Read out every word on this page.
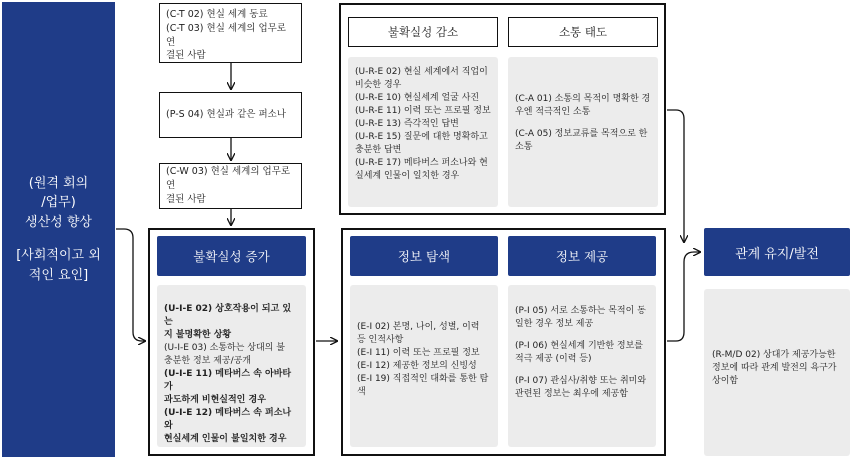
(원격 회의
/업무)
생산성 향상
[사회적이고 외
적인 요인]
(C-T 02) 현실 세계 동료
(C-T 03) 현실 세계의 업무로 연
결된 사람
(P-S 04) 현실과 같은 퍼소나
(C-W 03) 현실 세계의 업무로 연
결된 사람
불확실성 감소	소통 태도
(U-R-E 02) 현실 세계에서 직업이
비슷한 경우
(U-R-E 10) 현실세계 얼굴 사진
(U-R-E 11) 이력 또는 프로필 정보
(U-R-E 13) 즉각적인 답변
(U-R-E 15) 질문에 대한 명확하고
충분한 답변
(U-R-E 17) 메타버스 퍼소나와 현
실세계 인물이 일치한 경우
(C-A 01) 소통의 목적이 명확한 경
우엔 적극적인 소통
(C-A 05) 정보교류를 목적으로 한
소통
불확실성 증가
(U-I-E 02) 상호작용이 되고 있는
지 불명확한 상황
(U-I-E 03) 소통하는 상대의 불
충분한 정보 제공/공개
(U-I-E 11) 메타버스 속 아바타가
과도하게 비현실적인 경우
(U-I-E 12) 메타버스 속 퍼소나와
현실세계 인물이 불일치한 경우
정보 탐색	정보 제공
(E-I 02) 본명, 나이, 성별, 이력
등 인적사항
(E-I 11) 이력 또는 프로필 정보
(E-I 12) 제공한 정보의 신빙성
(E-I 19) 직접적인 대화를 통한 탐
색
(P-I 05) 서로 소통하는 목적이 동
일한 경우 정보 제공
(P-I 06) 현실세계 기반한 정보를
적극 제공 (이력 등)
(P-I 07) 관심사/취향 또는 취미와
관련된 정보는 최우에 제공함
관계 유지/발전
(R-M/D 02) 상대가 제공가능한
정보에 따라 관계 발전의 욕구가
상이함
